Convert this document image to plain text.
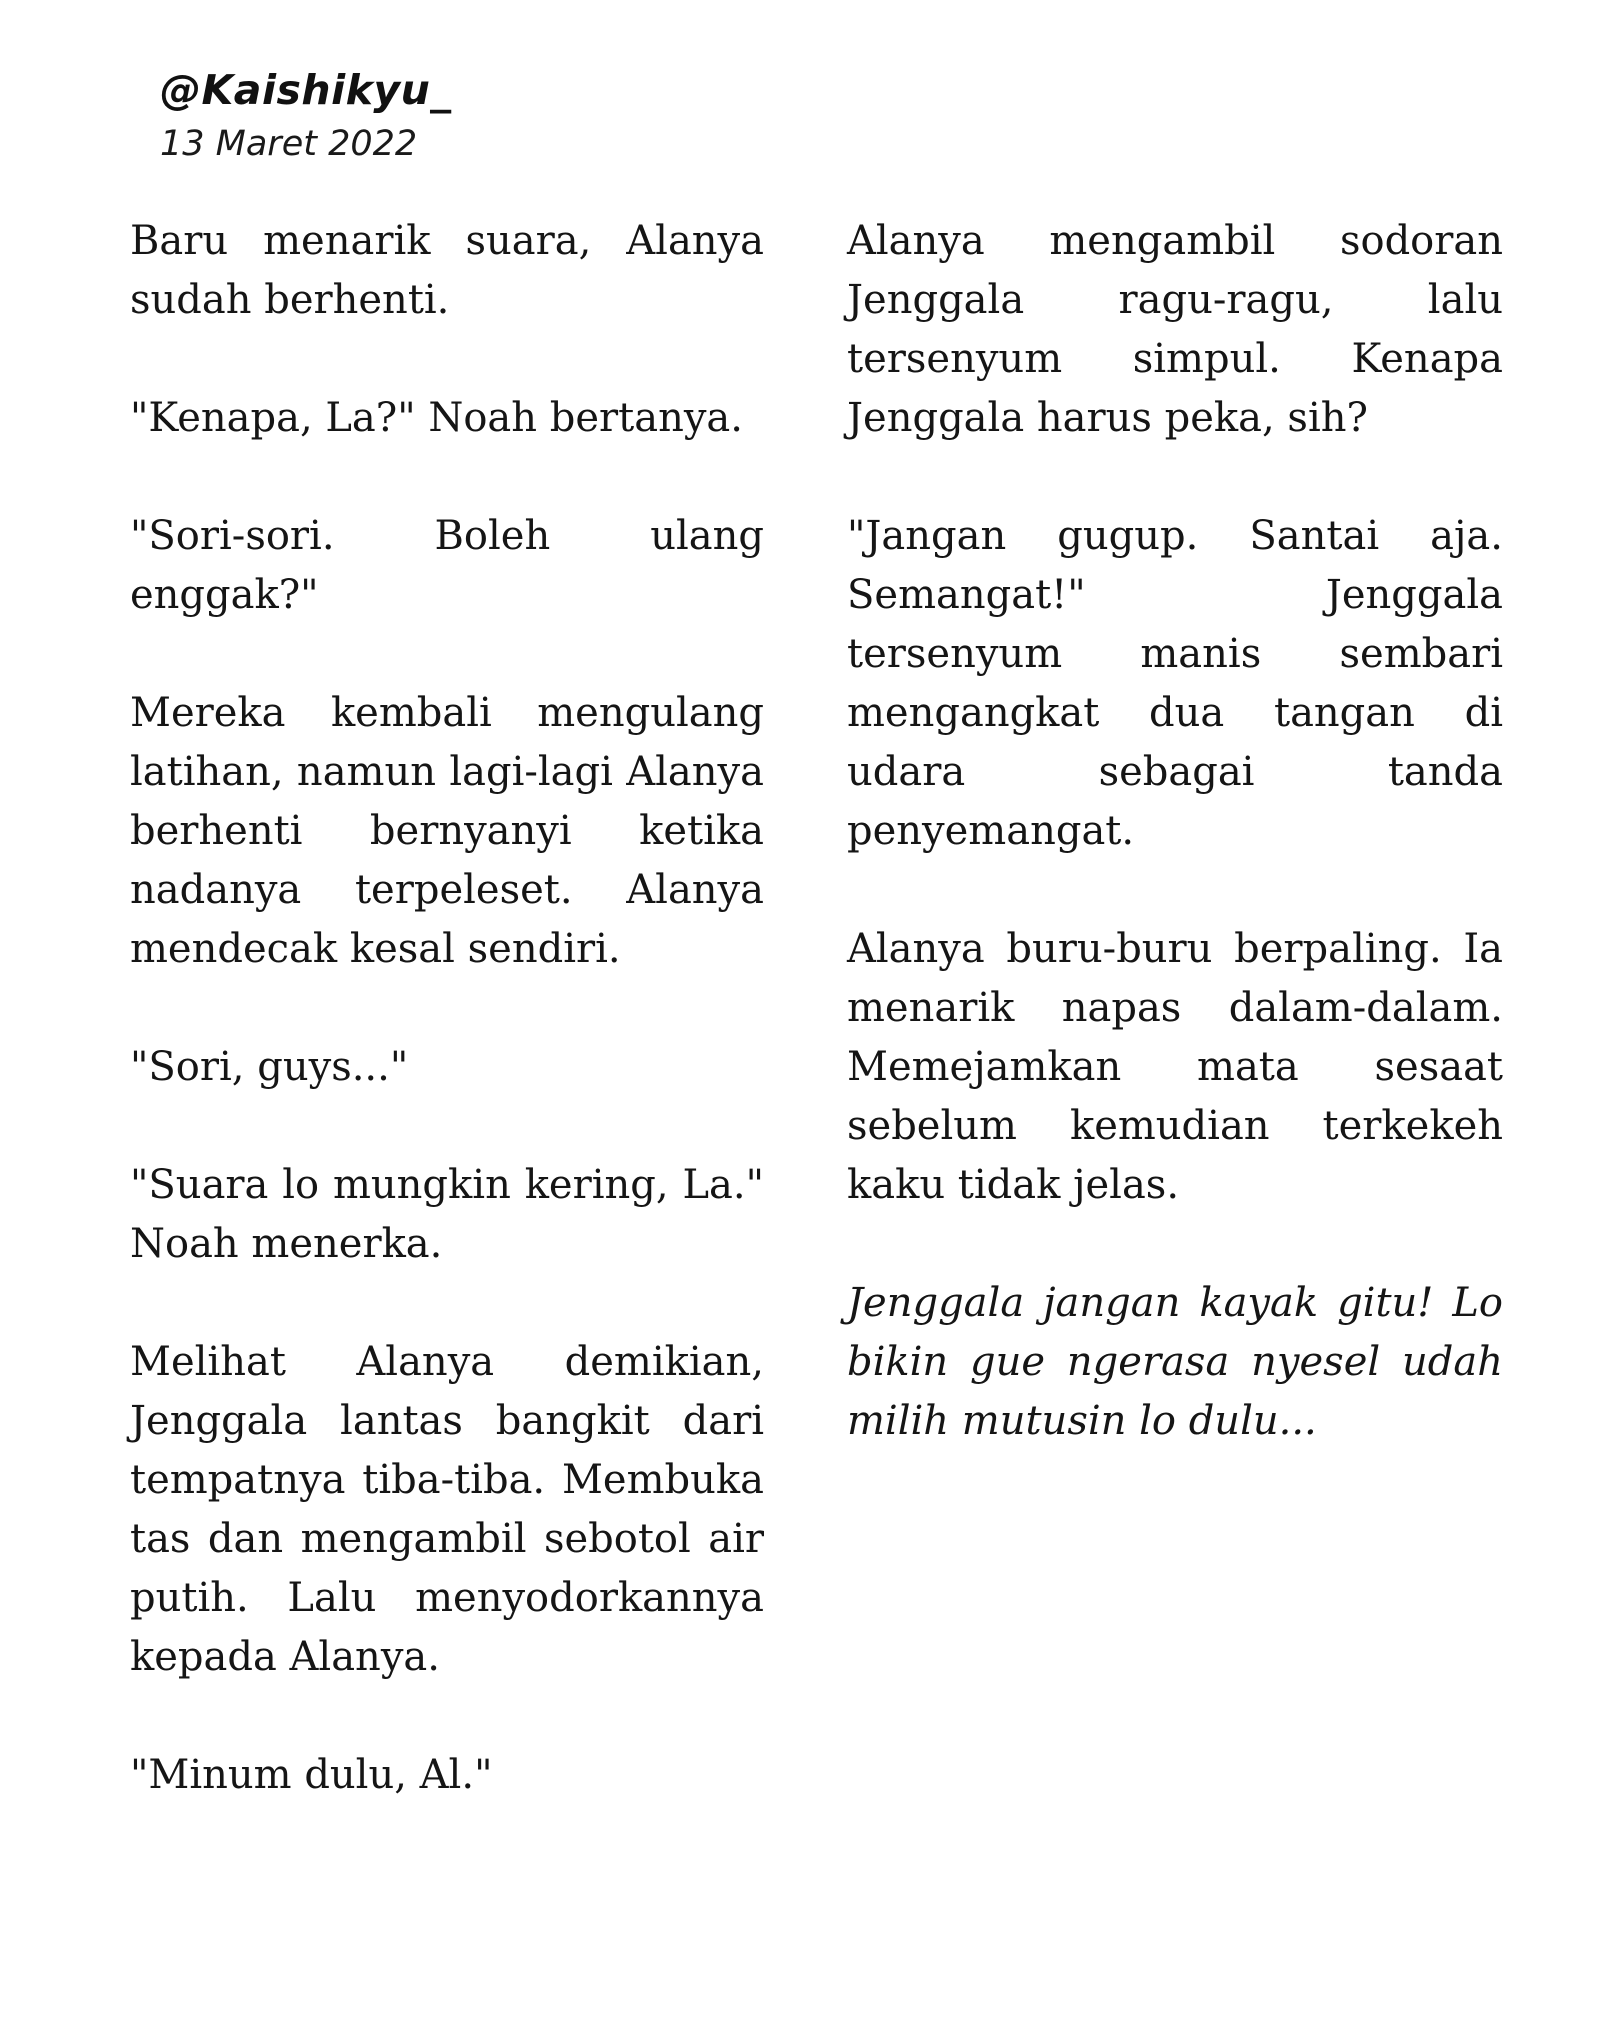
@Kaishikyu_
13 Maret 2022

Baru menarik suara, Alanya sudah berhenti.

"Kenapa, La?" Noah bertanya.

"Sori-sori. Boleh ulang enggak?"

Mereka kembali mengulang latihan, namun lagi-lagi Alanya berhenti bernyanyi ketika nadanya terpeleset. Alanya mendecak kesal sendiri.

"Sori, guys..."

"Suara lo mungkin kering, La." Noah menerka.

Melihat Alanya demikian, Jenggala lantas bangkit dari tempatnya tiba-tiba. Membuka tas dan mengambil sebotol air putih. Lalu menyodorkannya kepada Alanya.

"Minum dulu, Al."

Alanya mengambil sodoran Jenggala ragu-ragu, lalu tersenyum simpul. Kenapa Jenggala harus peka, sih?

"Jangan gugup. Santai aja. Semangat!" Jenggala tersenyum manis sembari mengangkat dua tangan di udara sebagai tanda penyemangat.

Alanya buru-buru berpaling. Ia menarik napas dalam-dalam. Memejamkan mata sesaat sebelum kemudian terkekeh kaku tidak jelas.

Jenggala jangan kayak gitu! Lo bikin gue ngerasa nyesel udah milih mutusin lo dulu...
